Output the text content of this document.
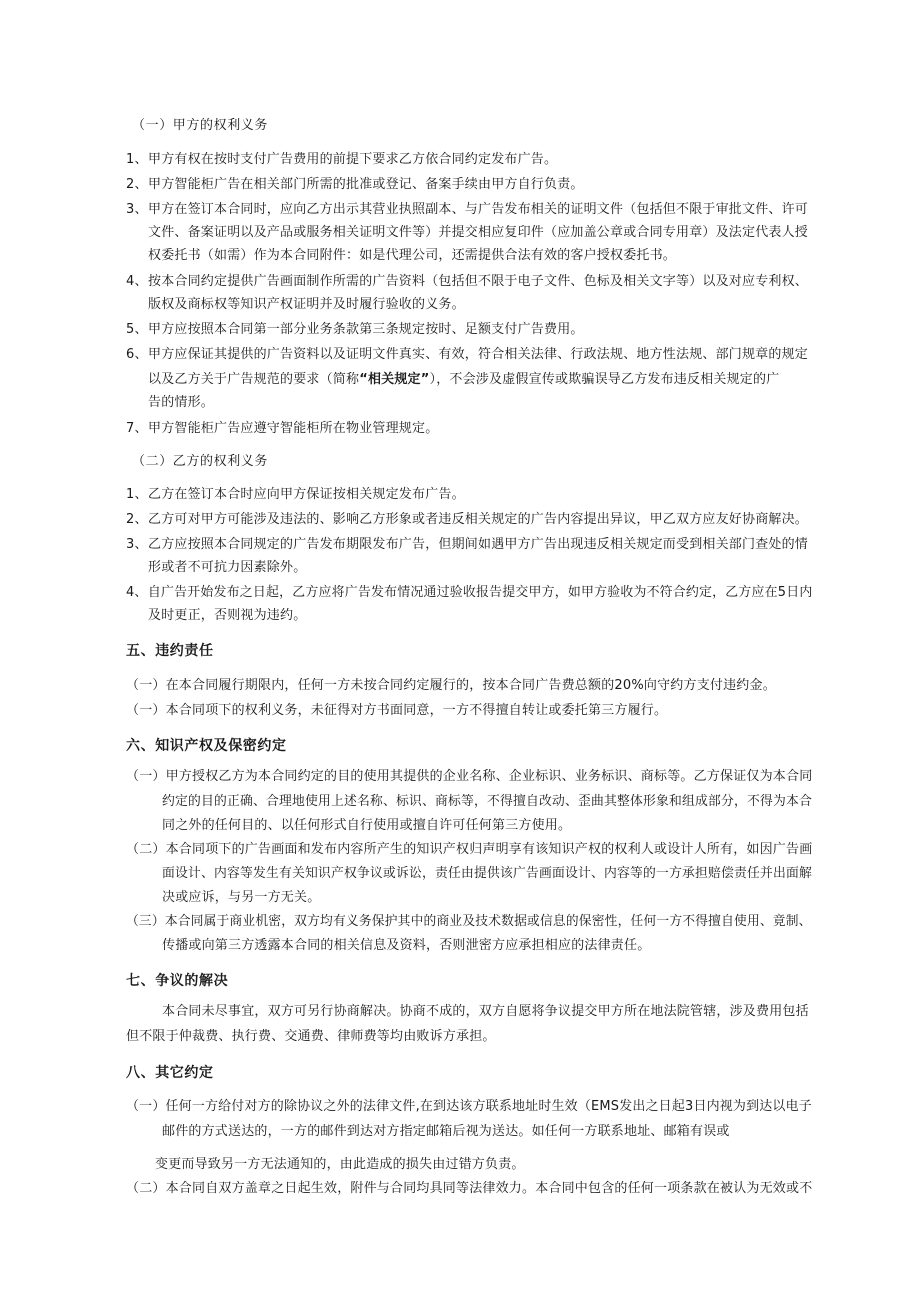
（一）甲方的权利义务
1、甲方有权在按时支付广告费用的前提下要求乙方依合同约定发布广告。
2、甲方智能柜广告在相关部门所需的批准或登记、备案手续由甲方自行负责。
3、甲方在签订本合同时，应向乙方出示其营业执照副本、与广告发布相关的证明文件（包括但不限于审批文件、许可
文件、备案证明以及产品或服务相关证明文件等）并提交相应复印件（应加盖公章或合同专用章）及法定代表人授
权委托书（如需）作为本合同附件：如是代理公司，还需提供合法有效的客户授权委托书。
4、按本合同约定提供广告画面制作所需的广告资料（包括但不限于电子文件、色标及相关文字等）以及对应专利权、
版权及商标权等知识产权证明并及时履行验收的义务。
5、甲方应按照本合同第一部分业务条款第三条规定按时、足额支付广告费用。
6、甲方应保证其提供的广告资料以及证明文件真实、有效，符合相关法律、行政法规、地方性法规、部门规章的规定
以及乙方关于广告规范的要求（简称“相关规定”），不会涉及虚假宣传或欺骗误导乙方发布违反相关规定的广
告的情形。
7、甲方智能柜广告应遵守智能柜所在物业管理规定。
（二）乙方的权利义务
1、乙方在签订本合时应向甲方保证按相关规定发布广告。
2、乙方可对甲方可能涉及违法的、影响乙方形象或者违反相关规定的广告内容提出异议，甲乙双方应友好协商解决。
3、乙方应按照本合同规定的广告发布期限发布广告，但期间如遇甲方广告出现违反相关规定而受到相关部门查处的情
形或者不可抗力因素除外。
4、自广告开始发布之日起，乙方应将广告发布情况通过验收报告提交甲方，如甲方验收为不符合约定，乙方应在5日内
及时更正，否则视为违约。
五、违约责任
（一）在本合同履行期限内，任何一方未按合同约定履行的，按本合同广告费总额的20%向守约方支付违约金。
（一）本合同项下的权利义务，未征得对方书面同意，一方不得擅自转让或委托第三方履行。
六、知识产权及保密约定
（一）甲方授权乙方为本合同约定的目的使用其提供的企业名称、企业标识、业务标识、商标等。乙方保证仅为本合同
约定的目的正确、合理地使用上述名称、标识、商标等，不得擅自改动、歪曲其整体形象和组成部分，不得为本合
同之外的任何目的、以任何形式自行使用或擅自许可任何第三方使用。
（二）本合同项下的广告画面和发布内容所产生的知识产权归声明享有该知识产权的权利人或设计人所有，如因广告画
面设计、内容等发生有关知识产权争议或诉讼，责任由提供该广告画面设计、内容等的一方承担赔偿责任并出面解
决或应诉，与另一方无关。
（三）本合同属于商业机密，双方均有义务保护其中的商业及技术数据或信息的保密性，任何一方不得擅自使用、竟制、
传播或向第三方透露本合同的相关信息及资料，否则泄密方应承担相应的法律责任。
七、争议的解决
本合同未尽事宜，双方可另行协商解决。协商不成的，双方自愿将争议提交甲方所在地法院管辖，涉及费用包括
但不限于仲裁费、执行费、交通费、律师费等均由败诉方承担。
八、其它约定
（一）任何一方给付对方的除协议之外的法律文件,在到达该方联系地址时生效（EMS发出之日起3日内视为到达以电子
邮件的方式送达的，一方的邮件到达对方指定邮箱后视为送达。如任何一方联系地址、邮箱有误或
变更而导致另一方无法通知的，由此造成的损失由过错方负责。
（二）本合同自双方盖章之日起生效，附件与合同均具同等法律效力。本合同中包含的任何一项条款在被认为无效或不
